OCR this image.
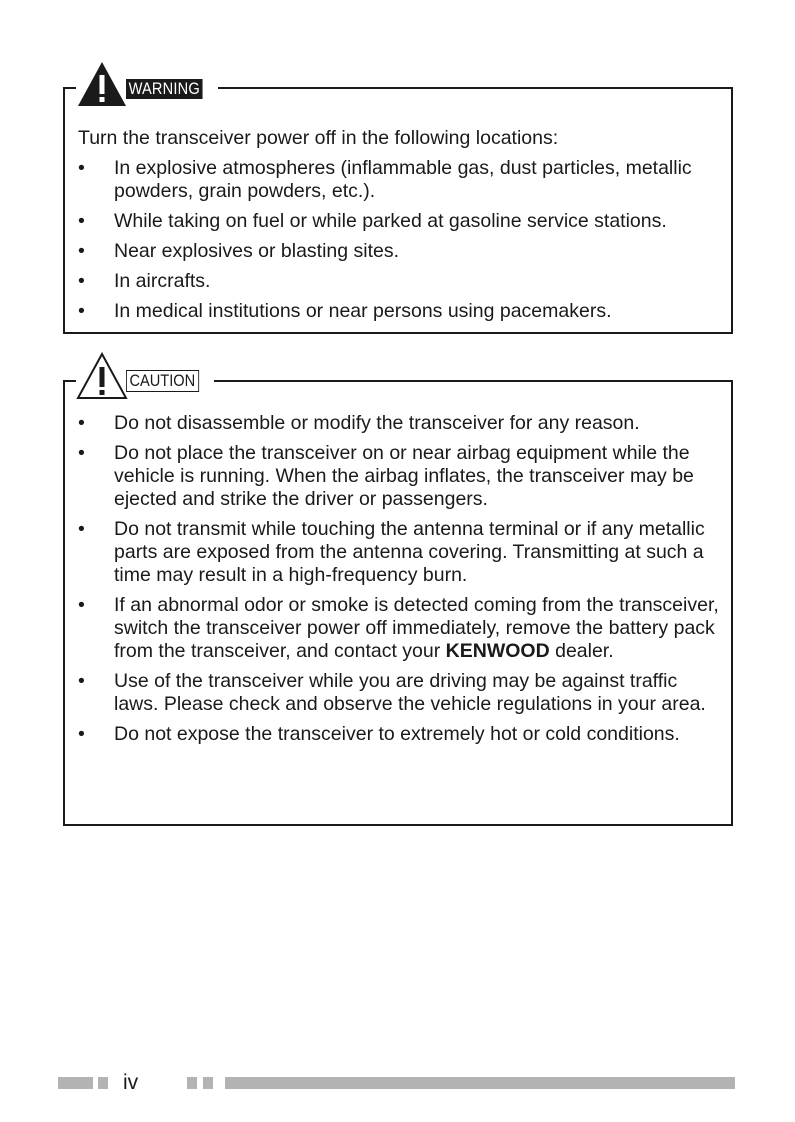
WARNING

Turn the transceiver power off in the following locations:

• In explosive atmospheres (inflammable gas, dust particles, metallic powders, grain powders, etc.).
• While taking on fuel or while parked at gasoline service stations.
• Near explosives or blasting sites.
• In aircrafts.
• In medical institutions or near persons using pacemakers.
CAUTION
• Do not disassemble or modify the transceiver for any reason.
• Do not place the transceiver on or near airbag equipment while the vehicle is running. When the airbag inflates, the transceiver may be ejected and strike the driver or passengers.
• Do not transmit while touching the antenna terminal or if any metallic parts are exposed from the antenna covering. Transmitting at such a time may result in a high-frequency burn.
• If an abnormal odor or smoke is detected coming from the transceiver, switch the transceiver power off immediately, remove the battery pack from the transceiver, and contact your KENWOOD dealer.
• Use of the transceiver while you are driving may be against traffic laws. Please check and observe the vehicle regulations in your area.
• Do not expose the transceiver to extremely hot or cold conditions.
iv
